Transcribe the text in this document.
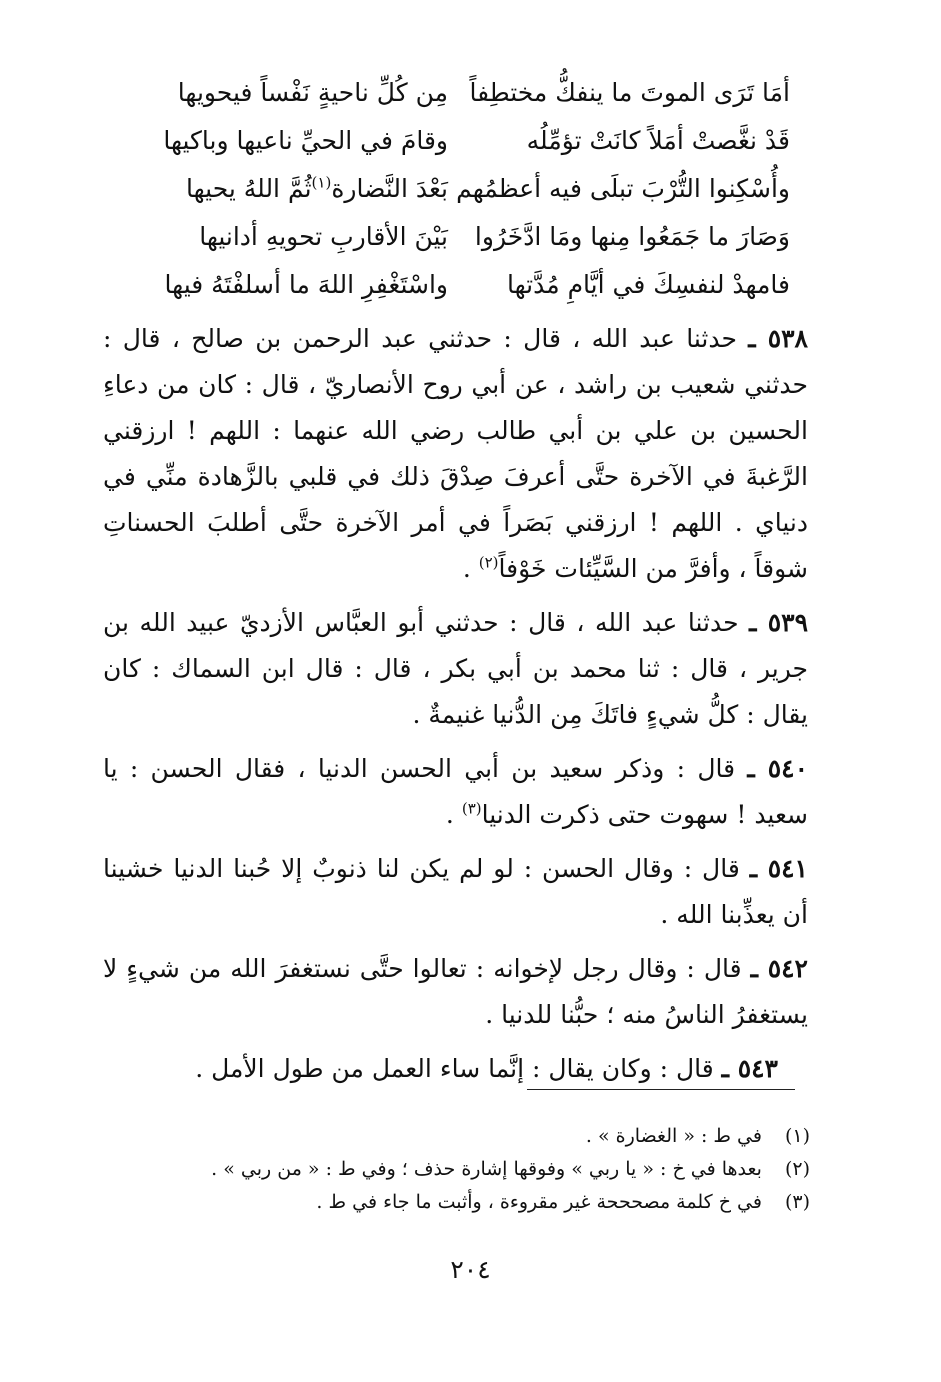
أمَا تَرَى الموتَ ما ينفكُّ مختطِفاً
مِن كُلِّ ناحيةٍ نَفْساً فيحويها
قَدْ نغَّصتْ أمَلاً كانَتْ تؤمِّلُه
وقامَ في الحيِّ ناعيها وباكيها
وأُسْكِنوا التُّرْبَ تبلَى فيه أعظمُهم
بَعْدَ النَّضارة$^{(١)}$ثُمَّ اللهُ يحيها
وَصَارَ ما جَمَعُوا مِنها ومَا ادَّخَرُوا
بَيْنَ الأقاربِ تحويهِ أدانيها
فامهدْ لنفسِكَ في أيَّامِ مُدَّتها
واسْتَغْفِرِ اللهَ ما أسلفْتَهُ فيها

٥٣٨ ـ حدثنا عبد الله ، قال : حدثني عبد الرحمن بن صالح ، قال : حدثني شعيب بن راشد ، عن أبي روح الأنصاريّ ، قال : كان من دعاءِ الحسين بن علي بن أبي طالب رضي الله عنهما : اللهم ! ارزقني الرَّغبةَ في الآخرة حتَّى أعرفَ صِدْقَ ذلك في قلبي بالزَّهادة منِّي في دنياي . اللهم ! ارزقني بَصَراً في أمر الآخرة حتَّى أطلبَ الحسناتِ شوقاً ، وأفرَّ من السَّيِّئات خَوْفاً$^{(٢)}$ .

٥٣٩ ـ حدثنا عبد الله ، قال : حدثني أبو العبَّاس الأزديّ عبيد الله بن جرير ، قال : ثنا محمد بن أبي بكر ، قال : قال ابن السماك : كان يقال : كلُّ شيءٍ فاتَكَ مِن الدُّنيا غنيمةٌ .

٥٤٠ ـ قال : وذكر سعيد بن أبي الحسن الدنيا ، فقال الحسن : يا سعيد ! سهوت حتى ذكرت الدنيا$^{(٣)}$ .

٥٤١ ـ قال : وقال الحسن : لو لم يكن لنا ذنوبٌ إلا حُبنا الدنيا خشينا أن يعذِّبنا الله .

٥٤٢ ـ قال : وقال رجل لإخوانه : تعالوا حتَّى نستغفرَ الله من شيءٍ لا يستغفرُ الناسُ منه ؛ حبُّنا للدنيا .

٥٤٣ ـ قال : وكان يقال : إنَّما ساء العمل من طول الأمل .

(١) في ط : « الغضارة » .
(٢) بعدها في خ : « يا ربي » وفوقها إشارة حذف ؛ وفي ط : « من ربي » .
(٣) في خ كلمة مصحححة غير مقروءة ، وأثبت ما جاء في ط .
٢٠٤
